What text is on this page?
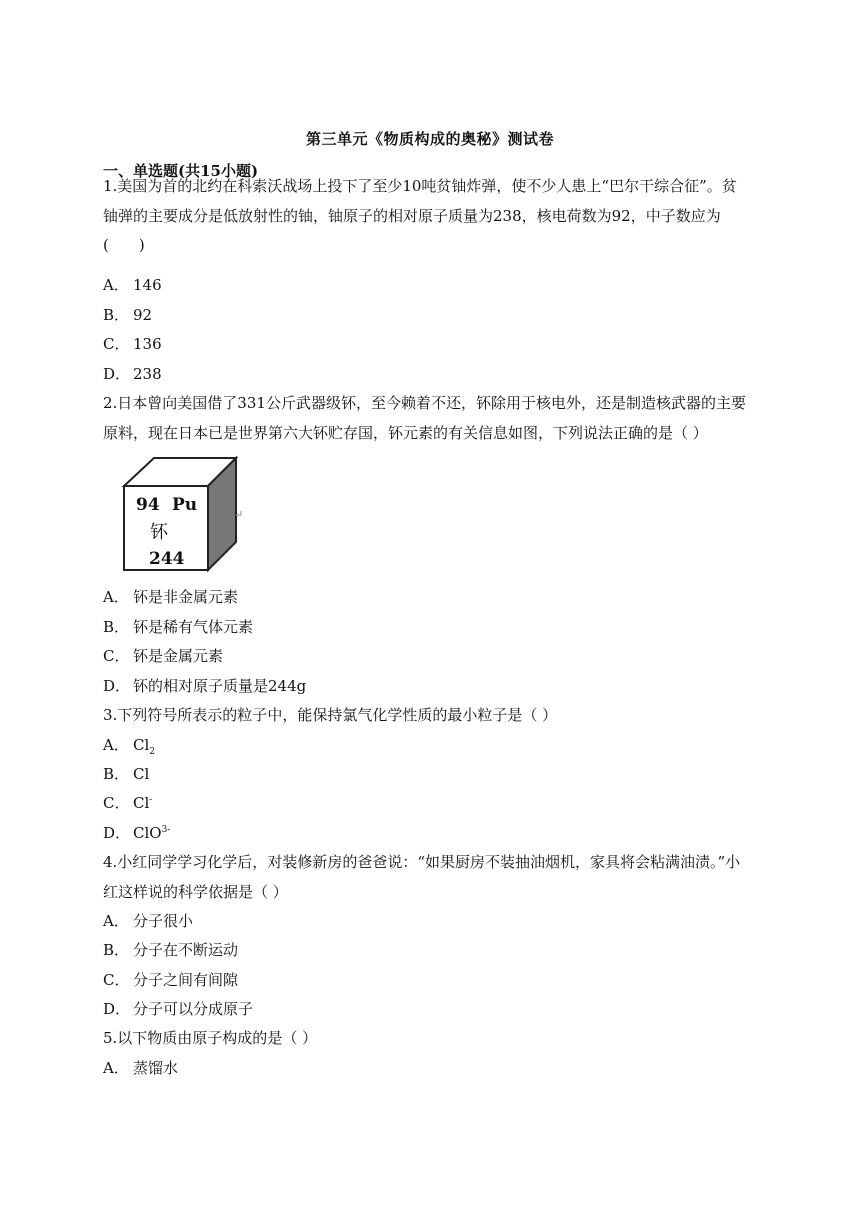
第三单元《物质构成的奥秘》测试卷
一、单选题(共15小题)
1.美国为首的北约在科索沃战场上投下了至少10吨贫铀炸弹，使不少人患上“巴尔干综合征”。贫
铀弹的主要成分是低放射性的铀，铀原子的相对原子质量为238，核电荷数为92，中子数应为
(　　)
A． 146
B． 92
C． 136
D． 238
2.日本曾向美国借了331公斤武器级钚，至今赖着不还，钚除用于核电外，还是制造核武器的主要
原料，现在日本已是世界第六大钚贮存国，钚元素的有关信息如图，下列说法正确的是（ ）
94 Pu
钚
244
↵
A． 钚是非金属元素
B． 钚是稀有气体元素
C． 钚是金属元素
D． 钚的相对原子质量是244g
3.下列符号所表示的粒子中，能保持氯气化学性质的最小粒子是（ ）
A． $Cl_2$
B． Cl
C． Cl-
D． ClO$^{3-}$
4.小红同学学习化学后，对装修新房的爸爸说：“如果厨房不装抽油烟机，家具将会粘满油渍。”小
红这样说的科学依据是（ ）
A． 分子很小
B． 分子在不断运动
C． 分子之间有间隙
D． 分子可以分成原子
5.以下物质由原子构成的是（ ）
A． 蒸馏水
